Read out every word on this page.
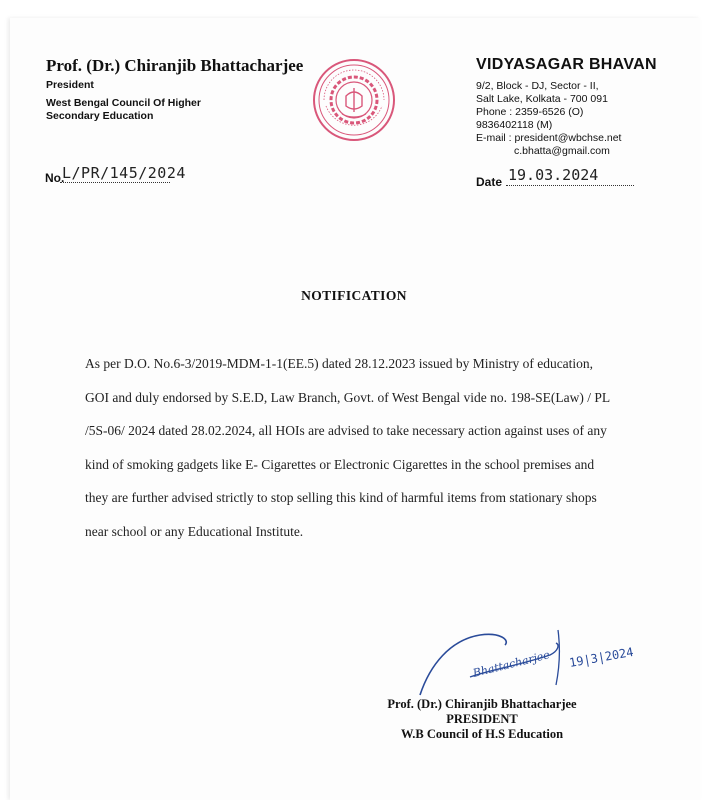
Prof. (Dr.) Chiranjib Bhattacharjee
President
West Bengal Council Of Higher
Secondary Education
VIDYASAGAR BHAVAN
9/2, Block - DJ, Sector - II,
Salt Lake, Kolkata - 700 091
Phone : 2359-6526 (O)
9836402118 (M)
E-mail : president@wbchse.net
c.bhatta@gmail.com
No.
L/PR/145/2024	Date 19.03.2024
NOTIFICATION
As per D.O. No.6-3/2019-MDM-1-1(EE.5) dated 28.12.2023 issued by Ministry of education,
GOI and duly endorsed by S.E.D, Law Branch, Govt. of West Bengal vide no. 198-SE(Law) / PL
/5S-06/ 2024 dated 28.02.2024, all HOIs are advised to take necessary action against uses of any
kind of smoking gadgets like E- Cigarettes or Electronic Cigarettes in the school premises and
they are further advised strictly to stop selling this kind of harmful items from stationary shops
near school or any Educational Institute.
Bhattacharjee 19|3|2024
Prof. (Dr.) Chiranjib Bhattacharjee
PRESIDENT
W.B Council of H.S Education
